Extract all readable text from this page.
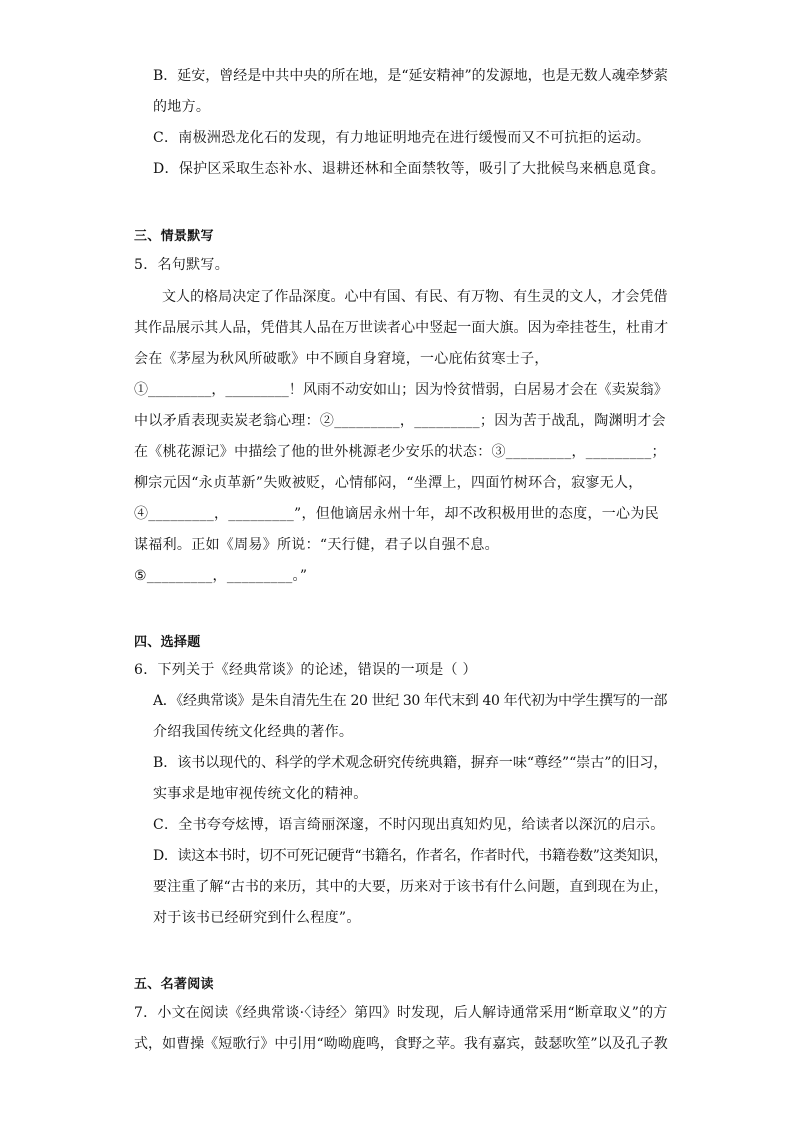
B．延安，曾经是中共中央的所在地，是“延安精神”的发源地，也是无数人魂牵梦萦
的地方。
C．南极洲恐龙化石的发现，有力地证明地壳在进行缓慢而又不可抗拒的运动。
D．保护区采取生态补水、退耕还林和全面禁牧等，吸引了大批候鸟来栖息觅食。
三、情景默写
5．名句默写。
文人的格局决定了作品深度。心中有国、有民、有万物、有生灵的文人，才会凭借
其作品展示其人品，凭借其人品在万世读者心中竖起一面大旗。因为牵挂苍生，杜甫才
会在《茅屋为秋风所破歌》中不顾自身窘境，一心庇佑贫寒士子，
①_________，_________！风雨不动安如山；因为怜贫惜弱，白居易才会在《卖炭翁》
中以矛盾表现卖炭老翁心理：②_________，_________；因为苦于战乱，陶渊明才会
在《桃花源记》中描绘了他的世外桃源老少安乐的状态：③_________，_________；
柳宗元因“永贞革新”失败被贬，心情郁闷，“坐潭上，四面竹树环合，寂寥无人，
④_________，_________”，但他谪居永州十年，却不改积极用世的态度，一心为民
谋福利。正如《周易》所说：“天行健，君子以自强不息。
⑤_________，_________。”
四、选择题
6．下列关于《经典常谈》的论述，错误的一项是（ ）
A．《经典常谈》是朱自清先生在 20 世纪 30 年代末到 40 年代初为中学生撰写的一部
介绍我国传统文化经典的著作。
B．该书以现代的、科学的学术观念研究传统典籍，摒弃一味“尊经”“崇古”的旧习，
实事求是地审视传统文化的精神。
C．全书夸夸炫博，语言绮丽深邃，不时闪现出真知灼见，给读者以深沉的启示。
D．读这本书时，切不可死记硬背“书籍名，作者名，作者时代，书籍卷数”这类知识，
要注重了解“古书的来历，其中的大要，历来对于该书有什么问题，直到现在为止，
对于该书已经研究到什么程度”。
五、名著阅读
7．小文在阅读《经典常谈·〈诗经〉第四》时发现，后人解诗通常采用“断章取义”的方
式，如曹操《短歌行》中引用“呦呦鹿鸣，食野之苹。我有嘉宾，鼓瑟吹笙”以及孔子教
